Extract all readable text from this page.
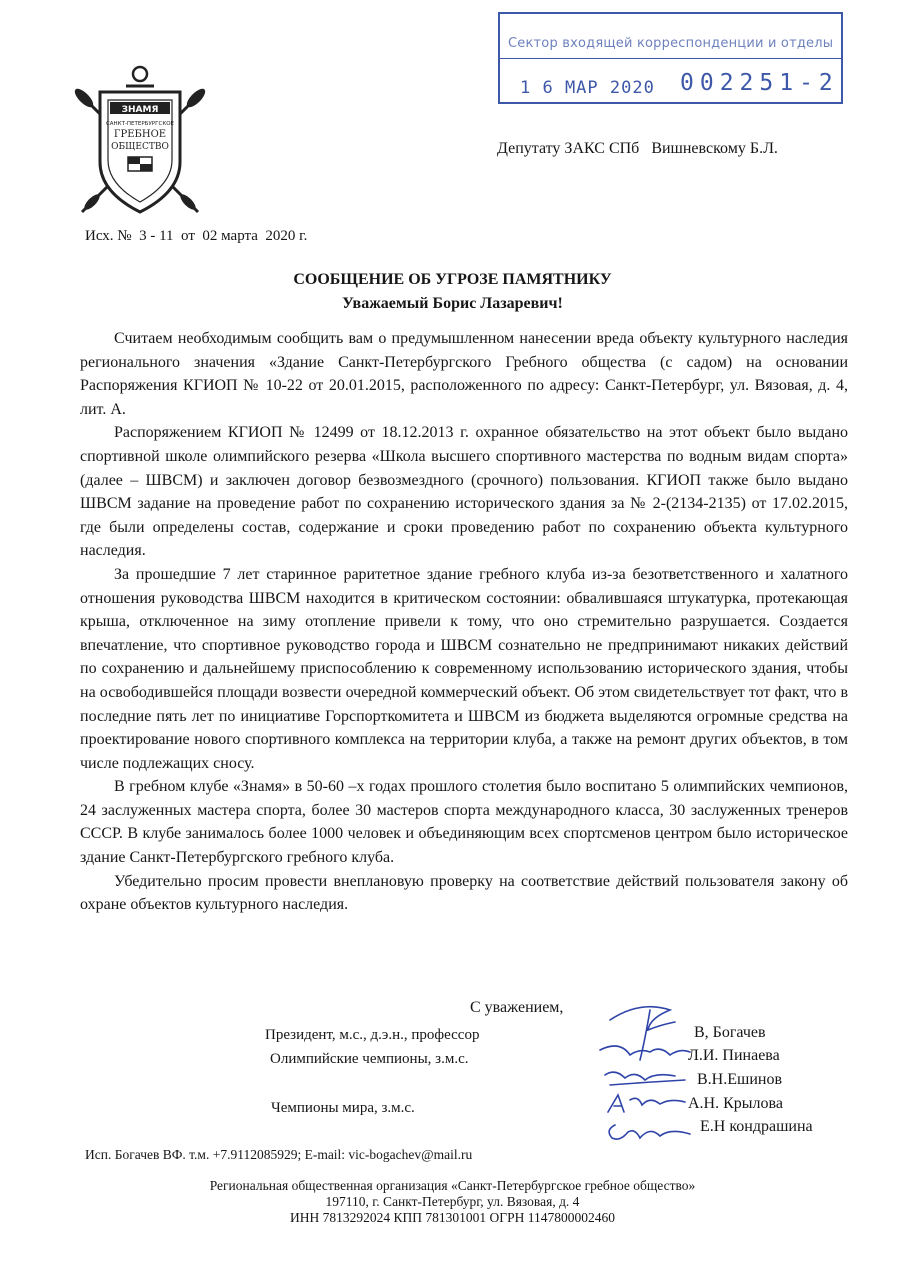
ЗНАМЯ
САНКТ-ПЕТЕРБУРГСКОЕ
ГРЕБНОЕ
ОБЩЕСТВО
Сектор входящей корреспонденции и отделы
1 6 МАР 2020 002251-2
Депутату ЗАКС СПб   Вишневскому Б.Л.
Исх. №  3 - 11  от  02 марта  2020 г.
СООБЩЕНИЕ ОБ УГРОЗЕ ПАМЯТНИКУ
Уважаемый Борис Лазаревич!

Считаем необходимым сообщить вам о предумышленном нанесении вреда объекту культурного наследия регионального значения «Здание Санкт-Петербургского Гребного общества (с садом) на основании Распоряжения КГИОП № 10-22 от 20.01.2015, расположенного по адресу: Санкт-Петербург, ул. Вязовая, д. 4, лит. А.

Распоряжением КГИОП № 12499 от 18.12.2013 г. охранное обязательство на этот объект было выдано спортивной школе олимпийского резерва «Школа высшего спортивного мастерства по водным видам спорта» (далее – ШВСМ) и заключен договор безвозмездного (срочного) пользования. КГИОП также было выдано ШВСМ задание на проведение работ по сохранению исторического здания за № 2-(2134-2135) от 17.02.2015, где были определены состав, содержание и сроки проведению работ по сохранению объекта культурного наследия.

За прошедшие 7 лет старинное раритетное здание гребного клуба из-за безответственного и халатного отношения руководства ШВСМ находится в критическом состоянии: обвалившаяся штукатурка, протекающая крыша, отключенное на зиму отопление привели к тому, что оно стремительно разрушается. Создается впечатление, что спортивное руководство города и ШВСМ сознательно не предпринимают никаких действий по сохранению и дальнейшему приспособлению к современному использованию исторического здания, чтобы на освободившейся площади возвести очередной коммерческий объект. Об этом свидетельствует тот факт, что в последние пять лет по инициативе Горспорткомитета и ШВСМ из бюджета выделяются огромные средства на проектирование нового спортивного комплекса на территории клуба, а также на ремонт других объектов, в том числе подлежащих сносу.

В гребном клубе «Знамя» в 50-60 –х годах прошлого столетия было воспитано 5 олимпийских чемпионов, 24 заслуженных мастера спорта, более 30 мастеров спорта международного класса, 30 заслуженных тренеров СССР. В клубе занималось более 1000 человек и объединяющим всех спортсменов центром было историческое здание Санкт-Петербургского гребного клуба.

Убедительно просим провести внеплановую проверку на соответствие действий пользователя закону об охране объектов культурного наследия.

С уважением,
Президент, м.с., д.э.н., профессор
Олимпийские чемпионы, з.м.с.
Чемпионы мира, з.м.с.
В, Богачев
Л.И. Пинаева
В.Н.Ешинов
А.Н. Крылова
Е.Н кондрашина
Исп. Богачев ВФ. т.м. +7.9112085929; E-mail: vic-bogachev@mail.ru
Региональная общественная организация «Санкт-Петербургское гребное общество»
197110, г. Санкт-Петербург, ул. Вязовая, д. 4
ИНН 7813292024 КПП 781301001 ОГРН 1147800002460
